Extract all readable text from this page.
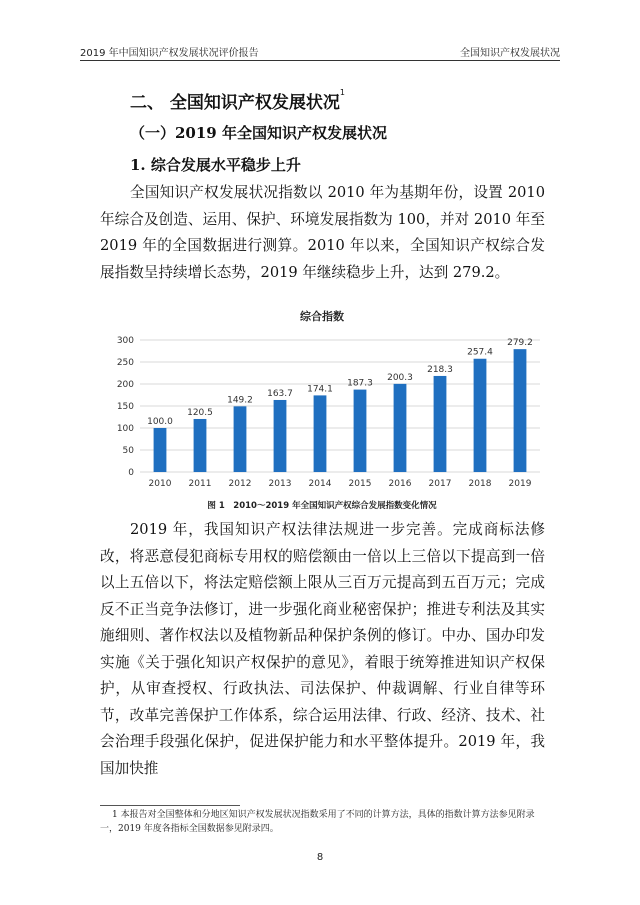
2019 年中国知识产权发展状况评价报告	全国知识产权发展状况
二、 全国知识产权发展状况$^1$
（一）2019 年全国知识产权发展状况
1. 综合发展水平稳步上升

全国知识产权发展状况指数以 2010 年为基期年份，设置 2010 年综合及创造、运用、保护、环境发展指数为 100，并对 2010 年至 2019 年的全国数据进行测算。2010 年以来，全国知识产权综合发展指数呈持续增长态势，2019 年继续稳步上升，达到 279.2。

综合指数
0
50
100
150
200
250
300
100.0
120.5
149.2
163.7 174.1
187.3
200.3
218.3
257.4
279.2
2010 2011 2012 2013 2014 2015 2016 2017 2018 2019
图 1　2010～2019 年全国知识产权综合发展指数变化情况

2019 年，我国知识产权法律法规进一步完善。完成商标法修改，将恶意侵犯商标专用权的赔偿额由一倍以上三倍以下提高到一倍以上五倍以下，将法定赔偿额上限从三百万元提高到五百万元；完成反不正当竞争法修订，进一步强化商业秘密保护；推进专利法及其实施细则、著作权法以及植物新品种保护条例的修订。中办、国办印发实施《关于强化知识产权保护的意见》，着眼于统筹推进知识产权保护，从审查授权、行政执法、司法保护、仲裁调解、行业自律等环节，改革完善保护工作体系，综合运用法律、行政、经济、技术、社会治理手段强化保护，促进保护能力和水平整体提升。2019 年，我国加快推

1 本报告对全国整体和分地区知识产权发展状况指数采用了不同的计算方法，具体的指数计算方法参见附录一，2019 年度各指标全国数据参见附录四。

8
